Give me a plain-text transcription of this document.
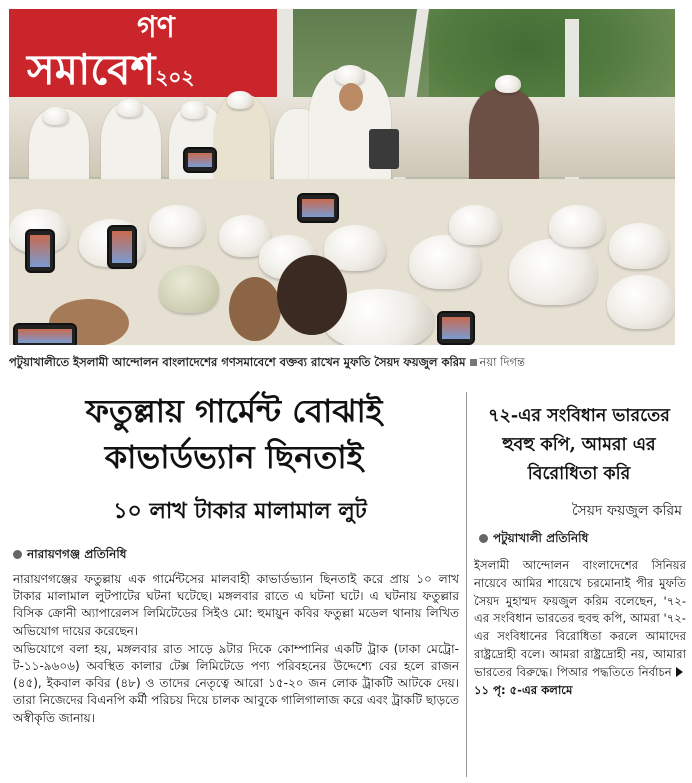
গণ
সমাবেশ২০২
পটুয়াখালীতে ইসলামী আন্দোলন বাংলাদেশের গণসমাবেশে বক্তব্য রাখেন মুফতি সৈয়দ ফয়জুল করিম নয়া দিগন্ত
ফতুল্লায় গার্মেন্ট বোঝাই
কাভার্ডভ্যান ছিনতাই
১০ লাখ টাকার মালামাল লুট
নারায়ণগঞ্জ প্রতিনিধি

নারায়ণগঞ্জের ফতুল্লায় এক গার্মেন্টসের মালবাহী কাভার্ডভ্যান ছিনতাই করে প্রায় ১০ লাখ টাকার মালামাল লুটপাটের ঘটনা ঘটেছে। মঙ্গলবার রাতে এ ঘটনা ঘটে। এ ঘটনায় ফতুল্লার বিসিক ক্রোনী অ্যাপারেলস লিমিটেডের সিইও মো: হুমায়ুন কবির ফতুল্লা মডেল থানায় লিখিত অভিযোগ দায়ের করেছেন।

অভিযোগে বলা হয়, মঙ্গলবার রাত সাড়ে ৯টার দিকে কোম্পানির একটি ট্রাক (ঢাকা মেট্রো-ট-১১-৯৬০৬) অবস্থিত কালার টেক্স লিমিটেডে পণ্য পরিবহনের উদ্দেশ্যে বের হলে রাজন (৪৫), ইকবাল কবির (৪৮) ও তাদের নেতৃত্বে আরো ১৫-২০ জন লোক ট্রাকটি আটকে দেয়। তারা নিজেদের বিএনপি কর্মী পরিচয় দিয়ে চালক আবুকে গালিগালাজ করে এবং ট্রাকটি ছাড়তে অস্বীকৃতি জানায়।

৭২-এর সংবিধান ভারতের
হুবহু কপি, আমরা এর
বিরোধিতা করি
সৈয়দ ফয়জুল করিম
পটুয়াখালী প্রতিনিধি

ইসলামী আন্দোলন বাংলাদেশের সিনিয়র নায়েবে আমির শায়েখে চরমোনাই পীর মুফতি সৈয়দ মুহাম্মদ ফয়জুল করিম বলেছেন, '৭২-এর সংবিধান ভারতের হুবহু কপি, আমরা '৭২-এর সংবিধানের বিরোধিতা করলে আমাদের রাষ্ট্রদ্রোহী বলে। আমরা রাষ্ট্রদ্রোহী নয়, আমারা ভারতের বিরুদ্ধে। পিআর পদ্ধতিতে নির্বাচন ১১ পৃ: ৫-এর কলামে
